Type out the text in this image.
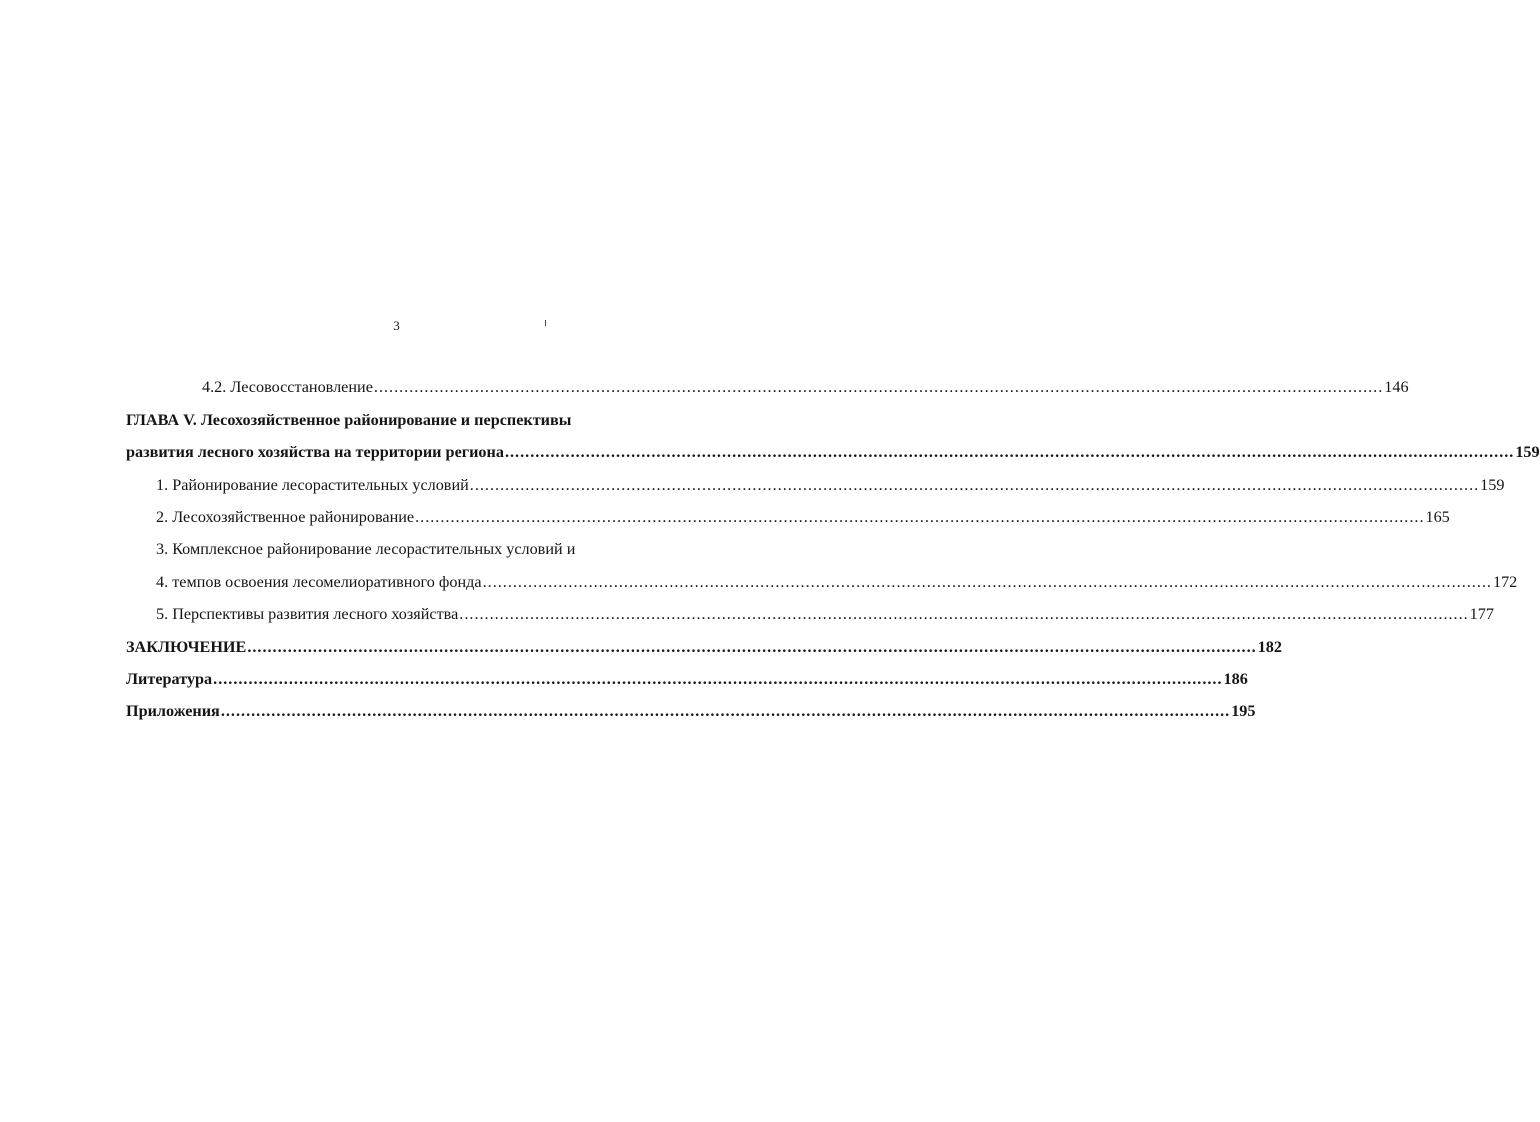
3
4.2. Лесовосстановление ........................................................................................................................................................................................................ 146
ГЛАВА V. Лесохозяйственное районирование и перспективы
развития лесного хозяйства на территории региона ........................................................................................................................................................................................................ 159
1. Районирование лесорастительных условий ........................................................................................................................................................................................................ 159
2. Лесохозяйственное районирование ........................................................................................................................................................................................................ 165
3. Комплексное районирование лесорастительных условий и
4. темпов освоения лесомелиоративного фонда ........................................................................................................................................................................................................ 172
5. Перспективы развития лесного хозяйства ........................................................................................................................................................................................................ 177
ЗАКЛЮЧЕНИЕ ........................................................................................................................................................................................................ 182
Литература ........................................................................................................................................................................................................ 186
Приложения ........................................................................................................................................................................................................ 195
